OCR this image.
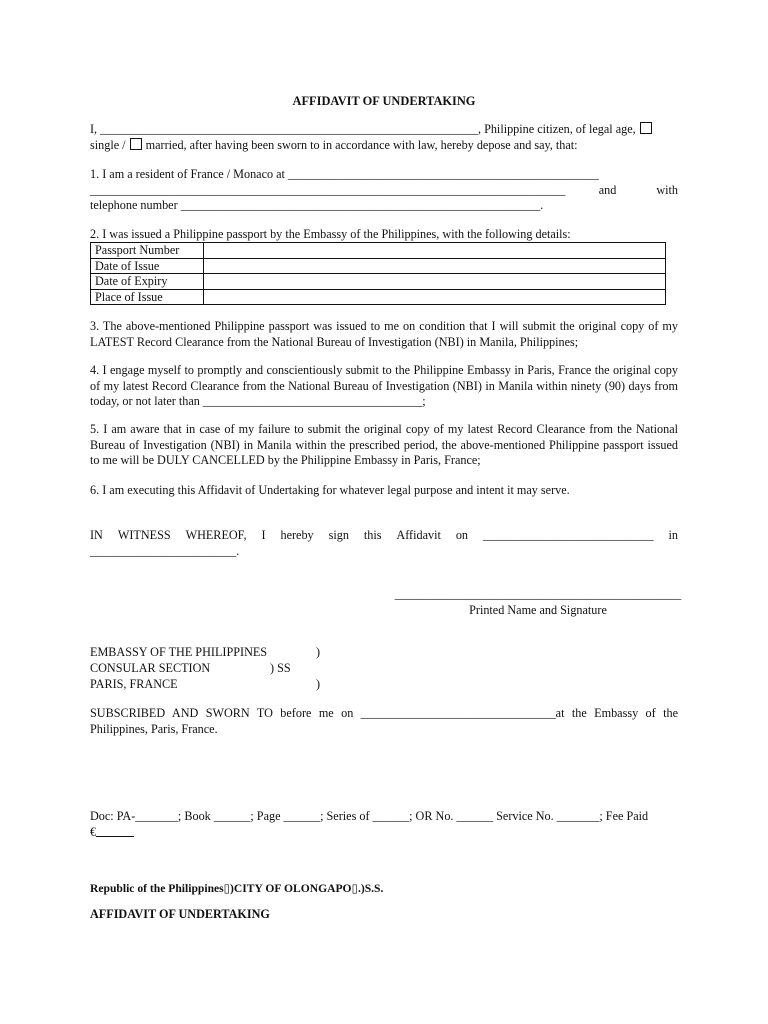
AFFIDAVIT OF UNDERTAKING
I, ______________________________________________________________, Philippine citizen, of legal age,
single / married, after having been sworn to in accordance with law, hereby depose and say, that:
1. I am a resident of France / Monaco at ___________________________________________________
______________________________________________________________________________	and	with
telephone number ___________________________________________________________.
2. I was issued a Philippine passport by the Embassy of the Philippines, with the following details:
Passport Number	
Date of Issue	
Date of Expiry	
Place of Issue	
3. The above-mentioned Philippine passport was issued to me on condition that I will submit the original copy of my LATEST Record Clearance from the National Bureau of Investigation (NBI) in Manila, Philippines;
4. I engage myself to promptly and conscientiously submit to the Philippine Embassy in Paris, France the original copy of my latest Record Clearance from the National Bureau of Investigation (NBI) in Manila within ninety (90) days from today, or not later than ____________________________________;
5. I am aware that in case of my failure to submit the original copy of my latest Record Clearance from the National Bureau of Investigation (NBI) in Manila within the prescribed period, the above-mentioned Philippine passport issued to me will be DULY CANCELLED by the Philippine Embassy in Paris, France;
6. I am executing this Affidavit of Undertaking for whatever legal purpose and intent it may serve.
IN WITNESS WHEREOF, I hereby sign this Affidavit on ____________________________ in
________________________.
_______________________________________________
Printed Name and Signature
EMBASSY OF THE PHILIPPINES	)
CONSULAR SECTION	) SS
PARIS, FRANCE	)
SUBSCRIBED AND SWORN TO before me on ________________________________at the Embassy of the Philippines, Paris, France.
Doc: PA-_______; Book ______; Page ______; Series of ______; OR No. ______ Service No. _______; Fee Paid
€
Republic of the Philippines▯)CITY OF OLONGAPO▯.)S.S.
AFFIDAVIT OF UNDERTAKING
